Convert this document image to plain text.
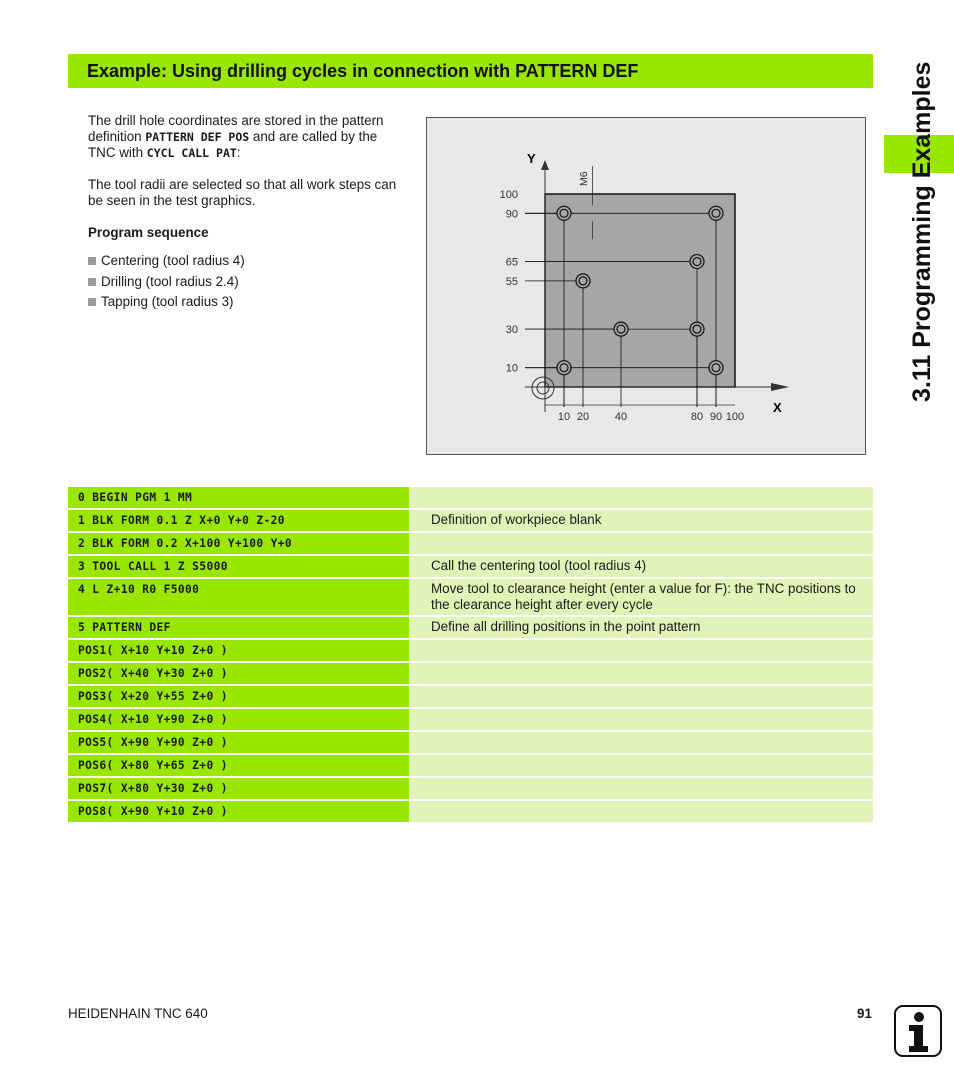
Example: Using drilling cycles in connection with PATTERN DEF	3.11 Programming Examples

The drill hole coordinates are stored in the pattern definition PATTERN DEF POS and are called by the TNC with CYCL CALL PAT:

The tool radii are selected so that all work steps can be seen in the test graphics.

Program sequence
Centering (tool radius 4)
Drilling (tool radius 2.4)
Tapping (tool radius 3)
Y
X
M6
100
90
65
55
30
10
10 20 40	80 90 100
0 BEGIN PGM 1 MM
1 BLK FORM 0.1 Z X+0 Y+0 Z-20	Definition of workpiece blank
2 BLK FORM 0.2 X+100 Y+100 Y+0
3 TOOL CALL 1 Z S5000	Call the centering tool (tool radius 4)
4 L Z+10 R0 F5000	Move tool to clearance height (enter a value for F): the TNC positions to the clearance height after every cycle
5 PATTERN DEF	Define all drilling positions in the point pattern
POS1( X+10 Y+10 Z+0 )
POS2( X+40 Y+30 Z+0 )
POS3( X+20 Y+55 Z+0 )
POS4( X+10 Y+90 Z+0 )
POS5( X+90 Y+90 Z+0 )
POS6( X+80 Y+65 Z+0 )
POS7( X+80 Y+30 Z+0 )
POS8( X+90 Y+10 Z+0 )
HEIDENHAIN TNC 640	91
